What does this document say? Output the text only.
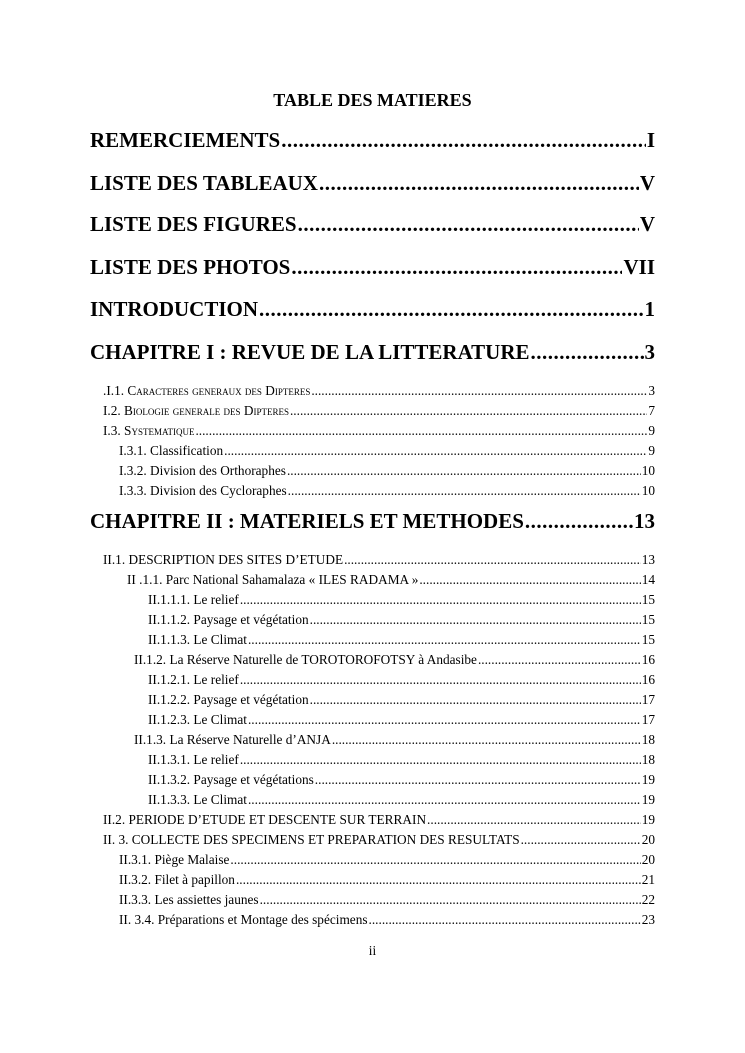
TABLE DES MATIERES
REMERCIEMENTS .....	I
LISTE DES TABLEAUX .....	V
LISTE DES FIGURES .....	V
LISTE DES PHOTOS .....	VII
INTRODUCTION .....	1
CHAPITRE I : REVUE DE LA LITTERATURE .....	3
.I.1. Caracteres generaux des Dipteres .....	3
I.2. Biologie generale des Dipteres .....	7
I.3. Systematique .....	9
I.3.1. Classification .....	9
I.3.2. Division des Orthoraphes .....	10
I.3.3. Division des Cycloraphes .....	10
CHAPITRE II : MATERIELS ET METHODES .....	13
II.1. DESCRIPTION DES SITES D’ETUDE .....	13
II .1.1. Parc National Sahamalaza « ILES RADAMA » .....	14
II.1.1.1. Le relief .....	15
II.1.1.2. Paysage et végétation .....	15
II.1.1.3. Le Climat .....	15
II.1.2. La Réserve Naturelle de TOROTOROFOTSY à Andasibe .....	16
II.1.2.1. Le relief .....	16
II.1.2.2. Paysage et végétation .....	17
II.1.2.3. Le Climat .....	17
II.1.3. La Réserve Naturelle d’ANJA .....	18
II.1.3.1. Le relief .....	18
II.1.3.2. Paysage et végétations .....	19
II.1.3.3. Le Climat .....	19
II.2. PERIODE D’ETUDE ET DESCENTE SUR TERRAIN .....	19
II. 3. COLLECTE DES SPECIMENS ET PREPARATION DES RESULTATS .....	20
II.3.1. Piège Malaise .....	20
II.3.2. Filet à papillon .....	21
II.3.3. Les assiettes jaunes .....	22
II. 3.4. Préparations et Montage des spécimens .....	23
ii
